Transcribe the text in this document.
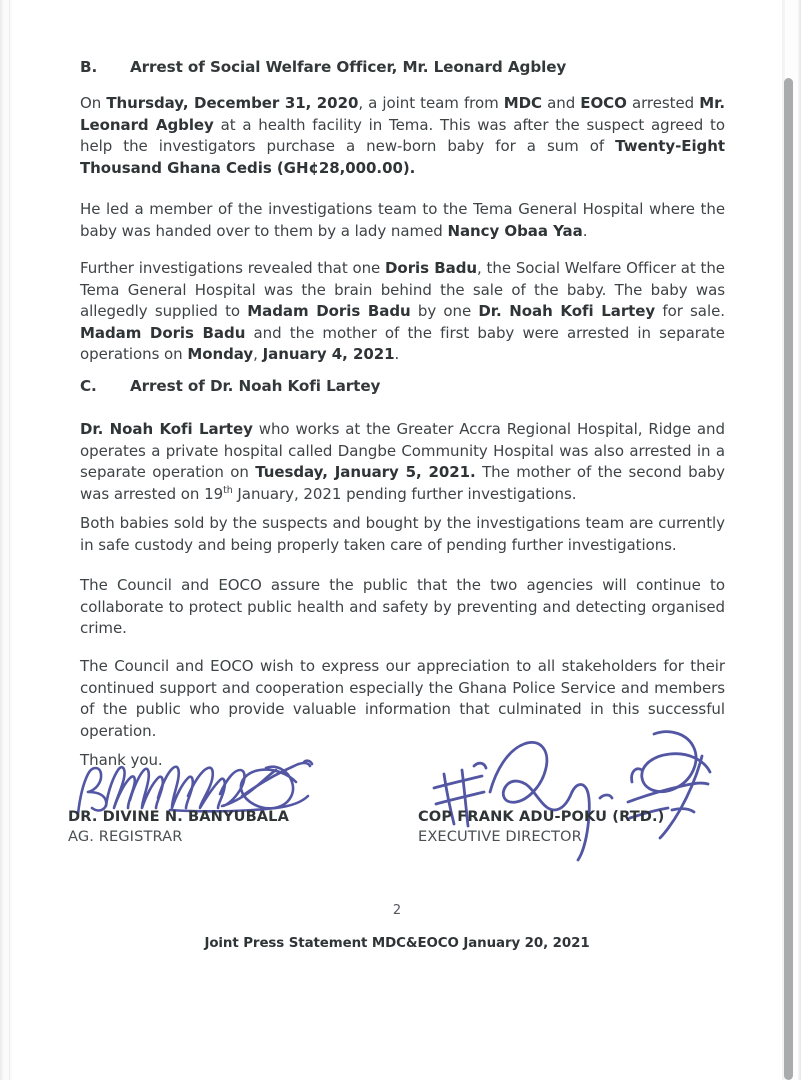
B.	Arrest of Social Welfare Officer, Mr. Leonard Agbley

On Thursday, December 31, 2020, a joint team from MDC and EOCO arrested Mr. Leonard Agbley at a health facility in Tema. This was after the suspect agreed to help the investigators purchase a new-born baby for a sum of Twenty-Eight Thousand Ghana Cedis (GH¢28,000.00).

He led a member of the investigations team to the Tema General Hospital where the baby was handed over to them by a lady named Nancy Obaa Yaa.

Further investigations revealed that one Doris Badu, the Social Welfare Officer at the Tema General Hospital was the brain behind the sale of the baby. The baby was allegedly supplied to Madam Doris Badu by one Dr. Noah Kofi Lartey for sale. Madam Doris Badu and the mother of the first baby were arrested in separate operations on Monday, January 4, 2021.

C.	Arrest of Dr. Noah Kofi Lartey

Dr. Noah Kofi Lartey who works at the Greater Accra Regional Hospital, Ridge and operates a private hospital called Dangbe Community Hospital was also arrested in a separate operation on Tuesday, January 5, 2021. The mother of the second baby was arrested on 19th January, 2021 pending further investigations.

Both babies sold by the suspects and bought by the investigations team are currently in safe custody and being properly taken care of pending further investigations.

The Council and EOCO assure the public that the two agencies will continue to collaborate to protect public health and safety by preventing and detecting organised crime.

The Council and EOCO wish to express our appreciation to all stakeholders for their continued support and cooperation especially the Ghana Police Service and members of the public who provide valuable information that culminated in this successful operation.

Thank you.

DR. DIVINE N. BANYUBALA
AG. REGISTRAR
COP FRANK ADU-POKU (RTD.)
EXECUTIVE DIRECTOR
2
Joint Press Statement MDC&EOCO January 20, 2021
